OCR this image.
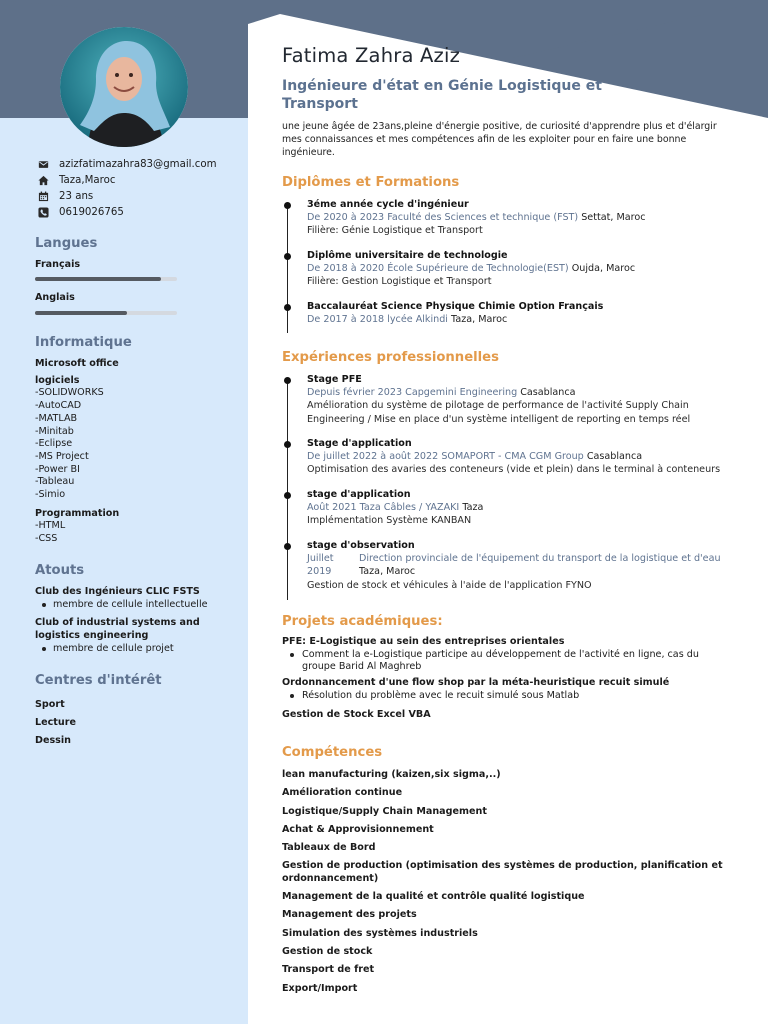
azizfatimazahra83@gmail.com
Taza,Maroc
23 ans
0619026765
Langues
Français
Anglais
Informatique
Microsoft office
logiciels
-SOLIDWORKS
-AutoCAD
-MATLAB
-Minitab
-Eclipse
-MS Project
-Power BI
-Tableau
-Simio
Programmation
-HTML
-CSS
Atouts
Club des Ingénieurs CLIC FSTS
membre de cellule intellectuelle
Club of industrial systems and logistics engineering
membre de cellule projet
Centres d'intérêt
Sport
Lecture
Dessin
Fatima Zahra Aziz
Ingénieure d'état en Génie Logistique et Transport
une jeune âgée de 23ans,pleine d'énergie positive, de curiosité d'apprendre plus et d'élargir mes connaissances et mes compétences afin de les exploiter pour en faire une bonne ingénieure.
Diplômes et Formations
3éme année cycle d'ingénieur
De 2020 à 2023 Faculté des Sciences et technique (FST) Settat, Maroc
Filière: Génie Logistique et Transport
Diplôme universitaire de technologie
De 2018 à 2020 École Supérieure de Technologie(EST) Oujda, Maroc
Filière: Gestion Logistique et Transport
Baccalauréat Science Physique Chimie Option Français
De 2017 à 2018 lycée Alkindi Taza, Maroc
Expériences professionnelles
Stage PFE
Depuis février 2023 Capgemini Engineering Casablanca
Amélioration du système de pilotage de performance de l'activité Supply Chain Engineering / Mise en place d'un système intelligent de reporting en temps réel
Stage d'application
De juillet 2022 à août 2022 SOMAPORT - CMA CGM Group Casablanca
Optimisation des avaries des conteneurs (vide et plein) dans le terminal à conteneurs
stage d'application
Août 2021 Taza Câbles / YAZAKI Taza
Implémentation Système KANBAN
stage d'observation
Juillet 2019
Direction provinciale de l'équipement du transport de la logistique et d'eau
Taza, Maroc
Gestion de stock et véhicules à l'aide de l'application FYNO
Projets académiques:
PFE: E-Logistique au sein des entreprises orientales
Comment la e-Logistique participe au développement de l'activité en ligne, cas du groupe Barid Al Maghreb
Ordonnancement d'une flow shop par la méta-heuristique recuit simulé
Résolution du problème avec le recuit simulé sous Matlab
Gestion de Stock Excel VBA
Compétences
lean manufacturing (kaizen,six sigma,..)
Amélioration continue
Logistique/Supply Chain Management
Achat & Approvisionnement
Tableaux de Bord
Gestion de production (optimisation des systèmes de production, planification et ordonnancement)
Management de la qualité et contrôle qualité logistique
Management des projets
Simulation des systèmes industriels
Gestion de stock
Transport de fret
Export/Import
